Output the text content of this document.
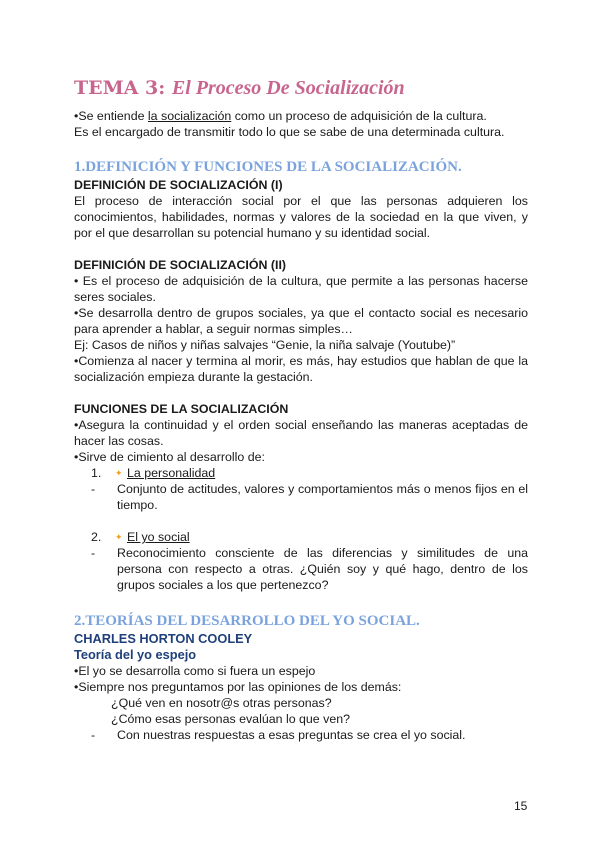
TEMA 3: El Proceso De Socialización

•Se entiende la socialización como un proceso de adquisición de la cultura.

Es el encargado de transmitir todo lo que se sabe de una determinada cultura.

1.DEFINICIÓN Y FUNCIONES DE LA SOCIALIZACIÓN.
DEFINICIÓN DE SOCIALIZACIÓN (I)

El proceso de interacción social por el que las personas adquieren los conocimientos, habilidades, normas y valores de la sociedad en la que viven, y por el que desarrollan su potencial humano y su identidad social.

DEFINICIÓN DE SOCIALIZACIÓN (II)

• Es el proceso de adquisición de la cultura, que permite a las personas hacerse seres sociales.

•Se desarrolla dentro de grupos sociales, ya que el contacto social es necesario para aprender a hablar, a seguir normas simples…

Ej: Casos de niños y niñas salvajes “Genie, la niña salvaje (Youtube)”

•Comienza al nacer y termina al morir, es más, hay estudios que hablan de que la socialización empieza durante la gestación.

FUNCIONES DE LA SOCIALIZACIÓN

•Asegura la continuidad y el orden social enseñando las maneras aceptadas de hacer las cosas.

•Sirve de cimiento al desarrollo de:

1.	✦ La personalidad
-	Conjunto de actitudes, valores y comportamientos más o menos fijos en el tiempo.
2.	✦ El yo social
-	Reconocimiento consciente de las diferencias y similitudes de una persona con respecto a otras. ¿Quién soy y qué hago, dentro de los grupos sociales a los que pertenezco?
2.TEORÍAS DEL DESARROLLO DEL YO SOCIAL.
CHARLES HORTON COOLEY
Teoría del yo espejo

•El yo se desarrolla como si fuera un espejo

•Siempre nos preguntamos por las opiniones de los demás:

¿Qué ven en nosotr@s otras personas?

¿Cómo esas personas evalúan lo que ven?

-	Con nuestras respuestas a esas preguntas se crea el yo social.
15
